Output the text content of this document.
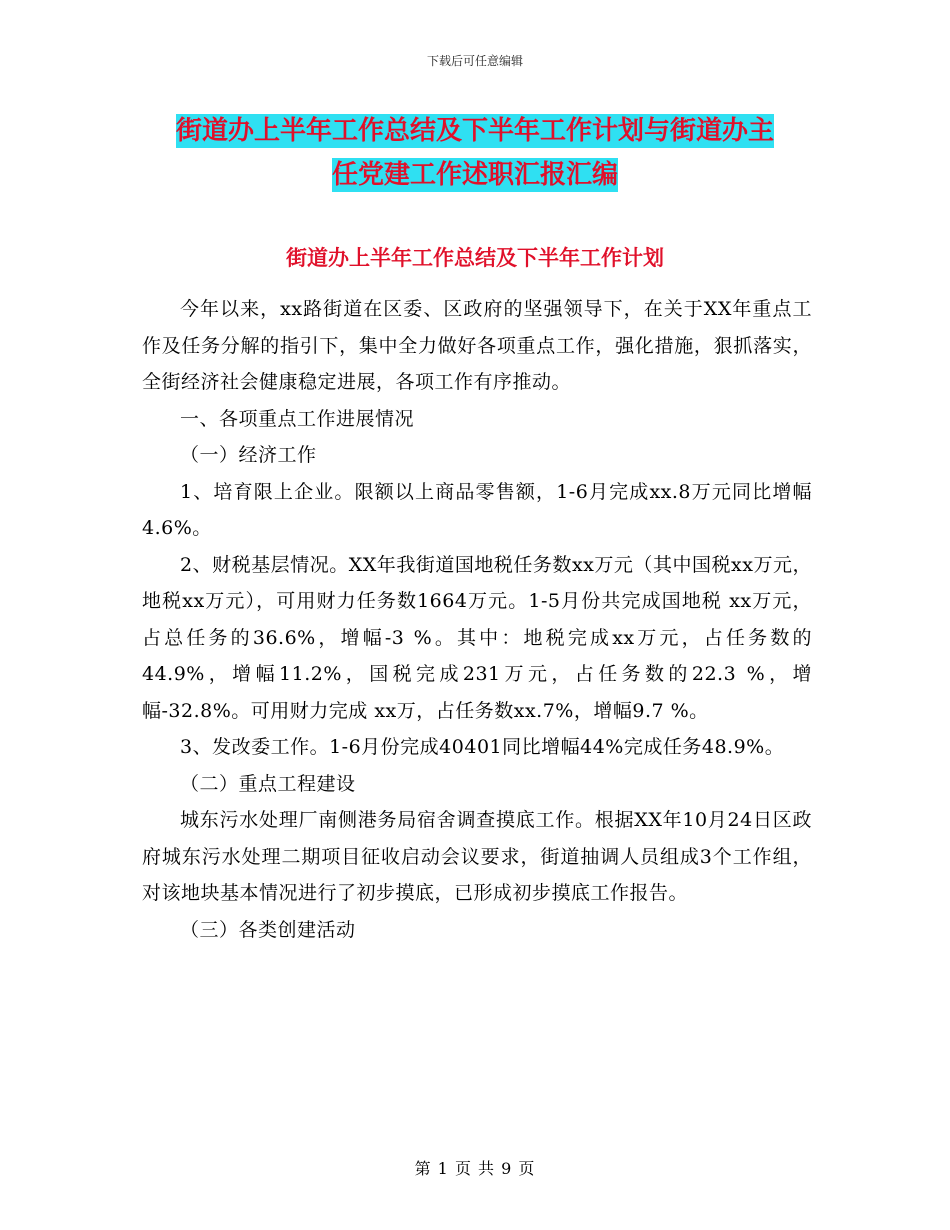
下载后可任意编辑
街道办上半年工作总结及下半年工作计划与街道办主
任党建工作述职汇报汇编
街道办上半年工作总结及下半年工作计划

今年以来，xx路街道在区委、区政府的坚强领导下，在关于XX年重点工作及任务分解的指引下，集中全力做好各项重点工作，强化措施，狠抓落实，全街经济社会健康稳定进展，各项工作有序推动。

一、各项重点工作进展情况

（一）经济工作

1、培育限上企业。限额以上商品零售额，1-6月完成xx.8万元同比增幅4.6%。

2、财税基层情况。XX年我街道国地税任务数xx万元（其中国税xx万元，地税xx万元），可用财力任务数1664万元。1-5月份共完成国地税 xx万元，占总任务的36.6%，增幅-3 %。其中：地税完成xx万元，占任务数的44.9%，增幅11.2%，国税完成231万元，占任务数的22.3 %，增幅-32.8%。可用财力完成 xx万，占任务数xx.7%，增幅9.7 %。

3、发改委工作。1-6月份完成40401同比增幅44%完成任务48.9%。

（二）重点工程建设

城东污水处理厂南侧港务局宿舍调查摸底工作。根据XX年10月24日区政府城东污水处理二期项目征收启动会议要求，街道抽调人员组成3个工作组，对该地块基本情况进行了初步摸底，已形成初步摸底工作报告。

（三）各类创建活动

第 1 页 共 9 页
